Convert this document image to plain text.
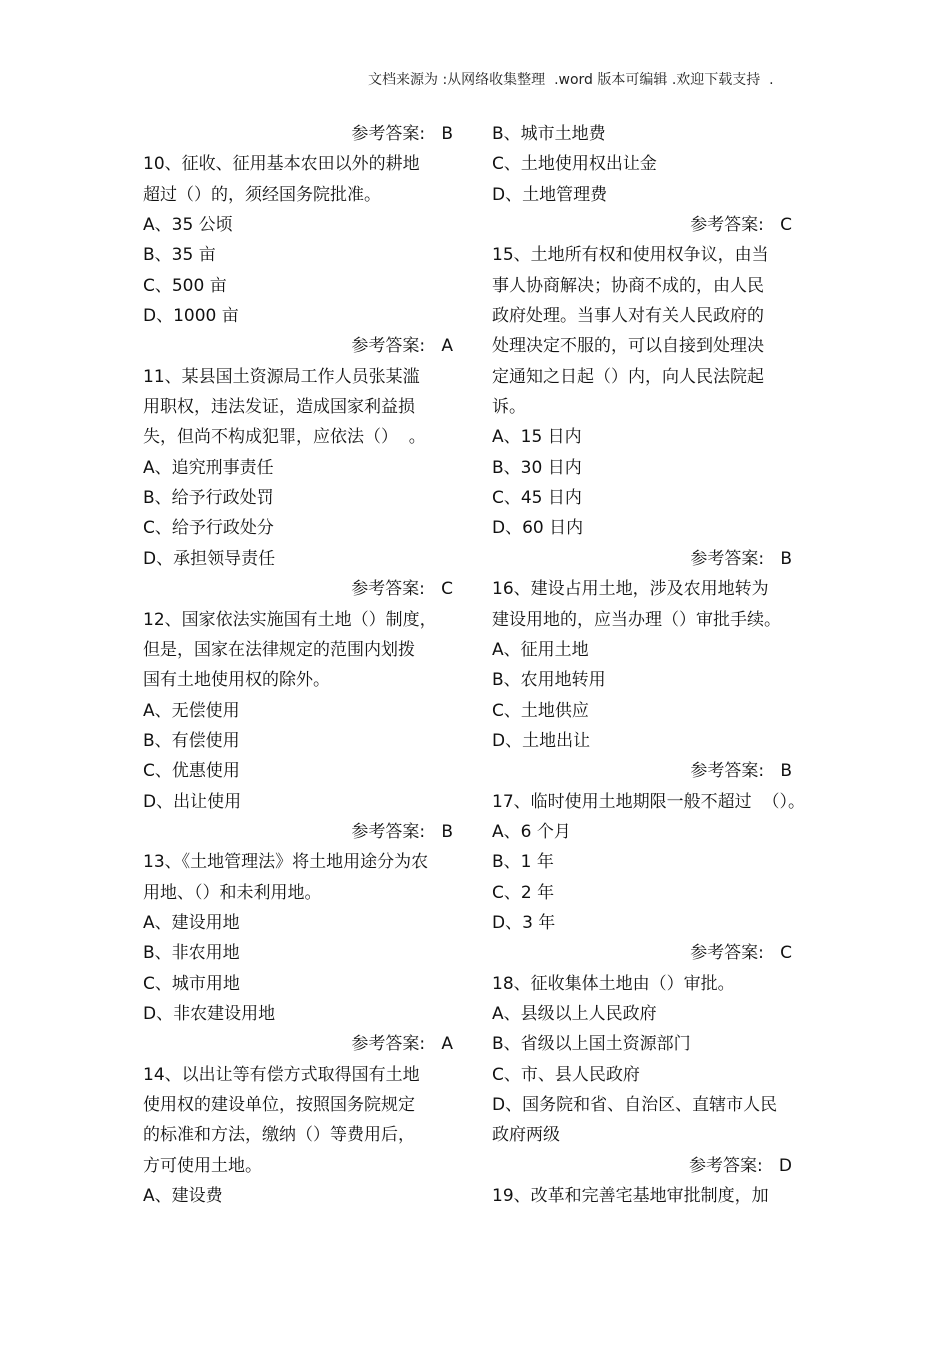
文档来源为 :从网络收集整理  .word 版本可编辑 .欢迎下载支持  .
参考答案:   B
10、征收、征用基本农田以外的耕地
超过（）的，须经国务院批准。
A、35 公顷
B、35 亩
C、500 亩
D、1000 亩
参考答案:   A
11、某县国土资源局工作人员张某滥
用职权，违法发证，造成国家利益损
失，但尚不构成犯罪，应依法（）  。
A、追究刑事责任
B、给予行政处罚
C、给予行政处分
D、承担领导责任
参考答案:   C
12、国家依法实施国有土地（）制度，
但是，国家在法律规定的范围内划拨
国有土地使用权的除外。
A、无偿使用
B、有偿使用
C、优惠使用
D、出让使用
参考答案:   B
13、《土地管理法》将土地用途分为农
用地、（）和未利用地。
A、建设用地
B、非农用地
C、城市用地
D、非农建设用地
参考答案:   A
14、以出让等有偿方式取得国有土地
使用权的建设单位，按照国务院规定
的标准和方法，缴纳（）等费用后，
方可使用土地。
A、建设费
B、城市土地费
C、土地使用权出让金
D、土地管理费
参考答案:   C
15、土地所有权和使用权争议，由当
事人协商解决；协商不成的，由人民
政府处理。当事人对有关人民政府的
处理决定不服的，可以自接到处理决
定通知之日起（）内，向人民法院起
诉。
A、15 日内
B、30 日内
C、45 日内
D、60 日内
参考答案:   B
16、建设占用土地，涉及农用地转为
建设用地的，应当办理（）审批手续。
A、征用土地
B、农用地转用
C、土地供应
D、土地出让
参考答案:   B
17、临时使用土地期限一般不超过  （）。
A、6 个月
B、1 年
C、2 年
D、3 年
参考答案:   C
18、征收集体土地由（）审批。
A、县级以上人民政府
B、省级以上国土资源部门
C、市、县人民政府
D、国务院和省、自治区、直辖市人民
政府两级
参考答案:   D
19、改革和完善宅基地审批制度，加
